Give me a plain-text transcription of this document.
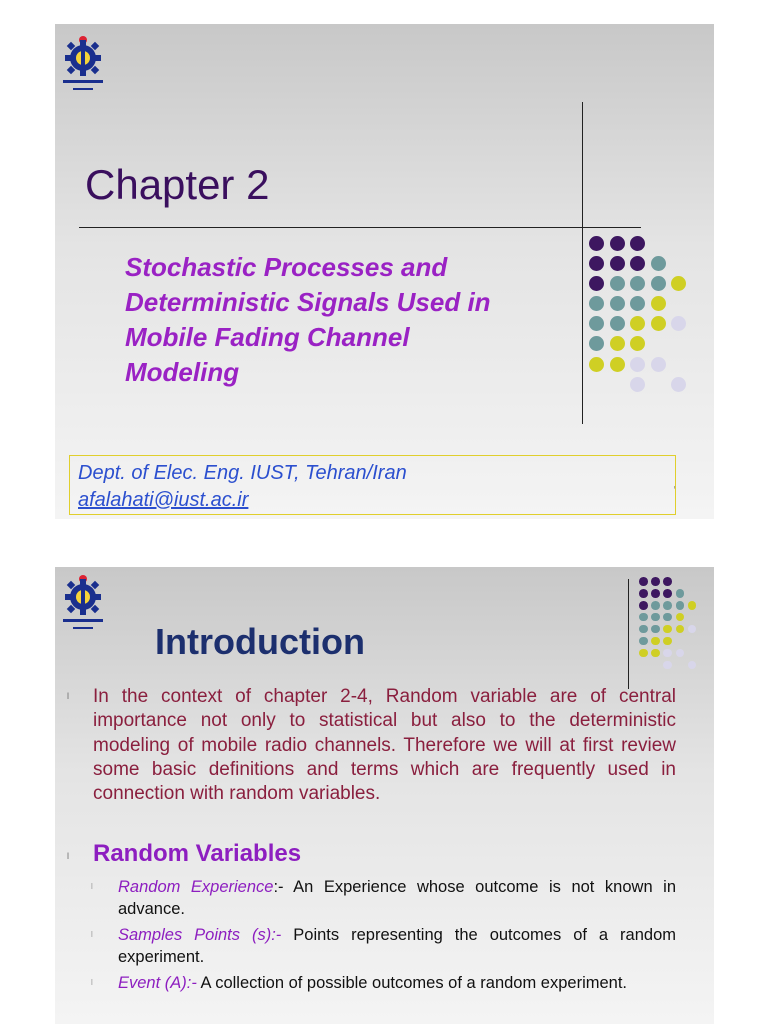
Chapter 2
Stochastic Processes and
Deterministic Signals Used in
Mobile Fading Channel
Modeling
Dept. of Elec. Eng. IUST, Tehran/Iran
afalahati@iust.ac.ir
Introduction
l In the context of chapter 2-4, Random variable are of central importance not only to statistical but also to the deterministic modeling of mobile radio channels. Therefore we will at first review some basic definitions and terms which are frequently used in connection with random variables.

l Random Variables
l Random Experience:- An Experience whose outcome is not known in advance.
l Samples Points (s):- Points representing the outcomes of a random experiment.
l Event (A):- A collection of possible outcomes of a random experiment.
